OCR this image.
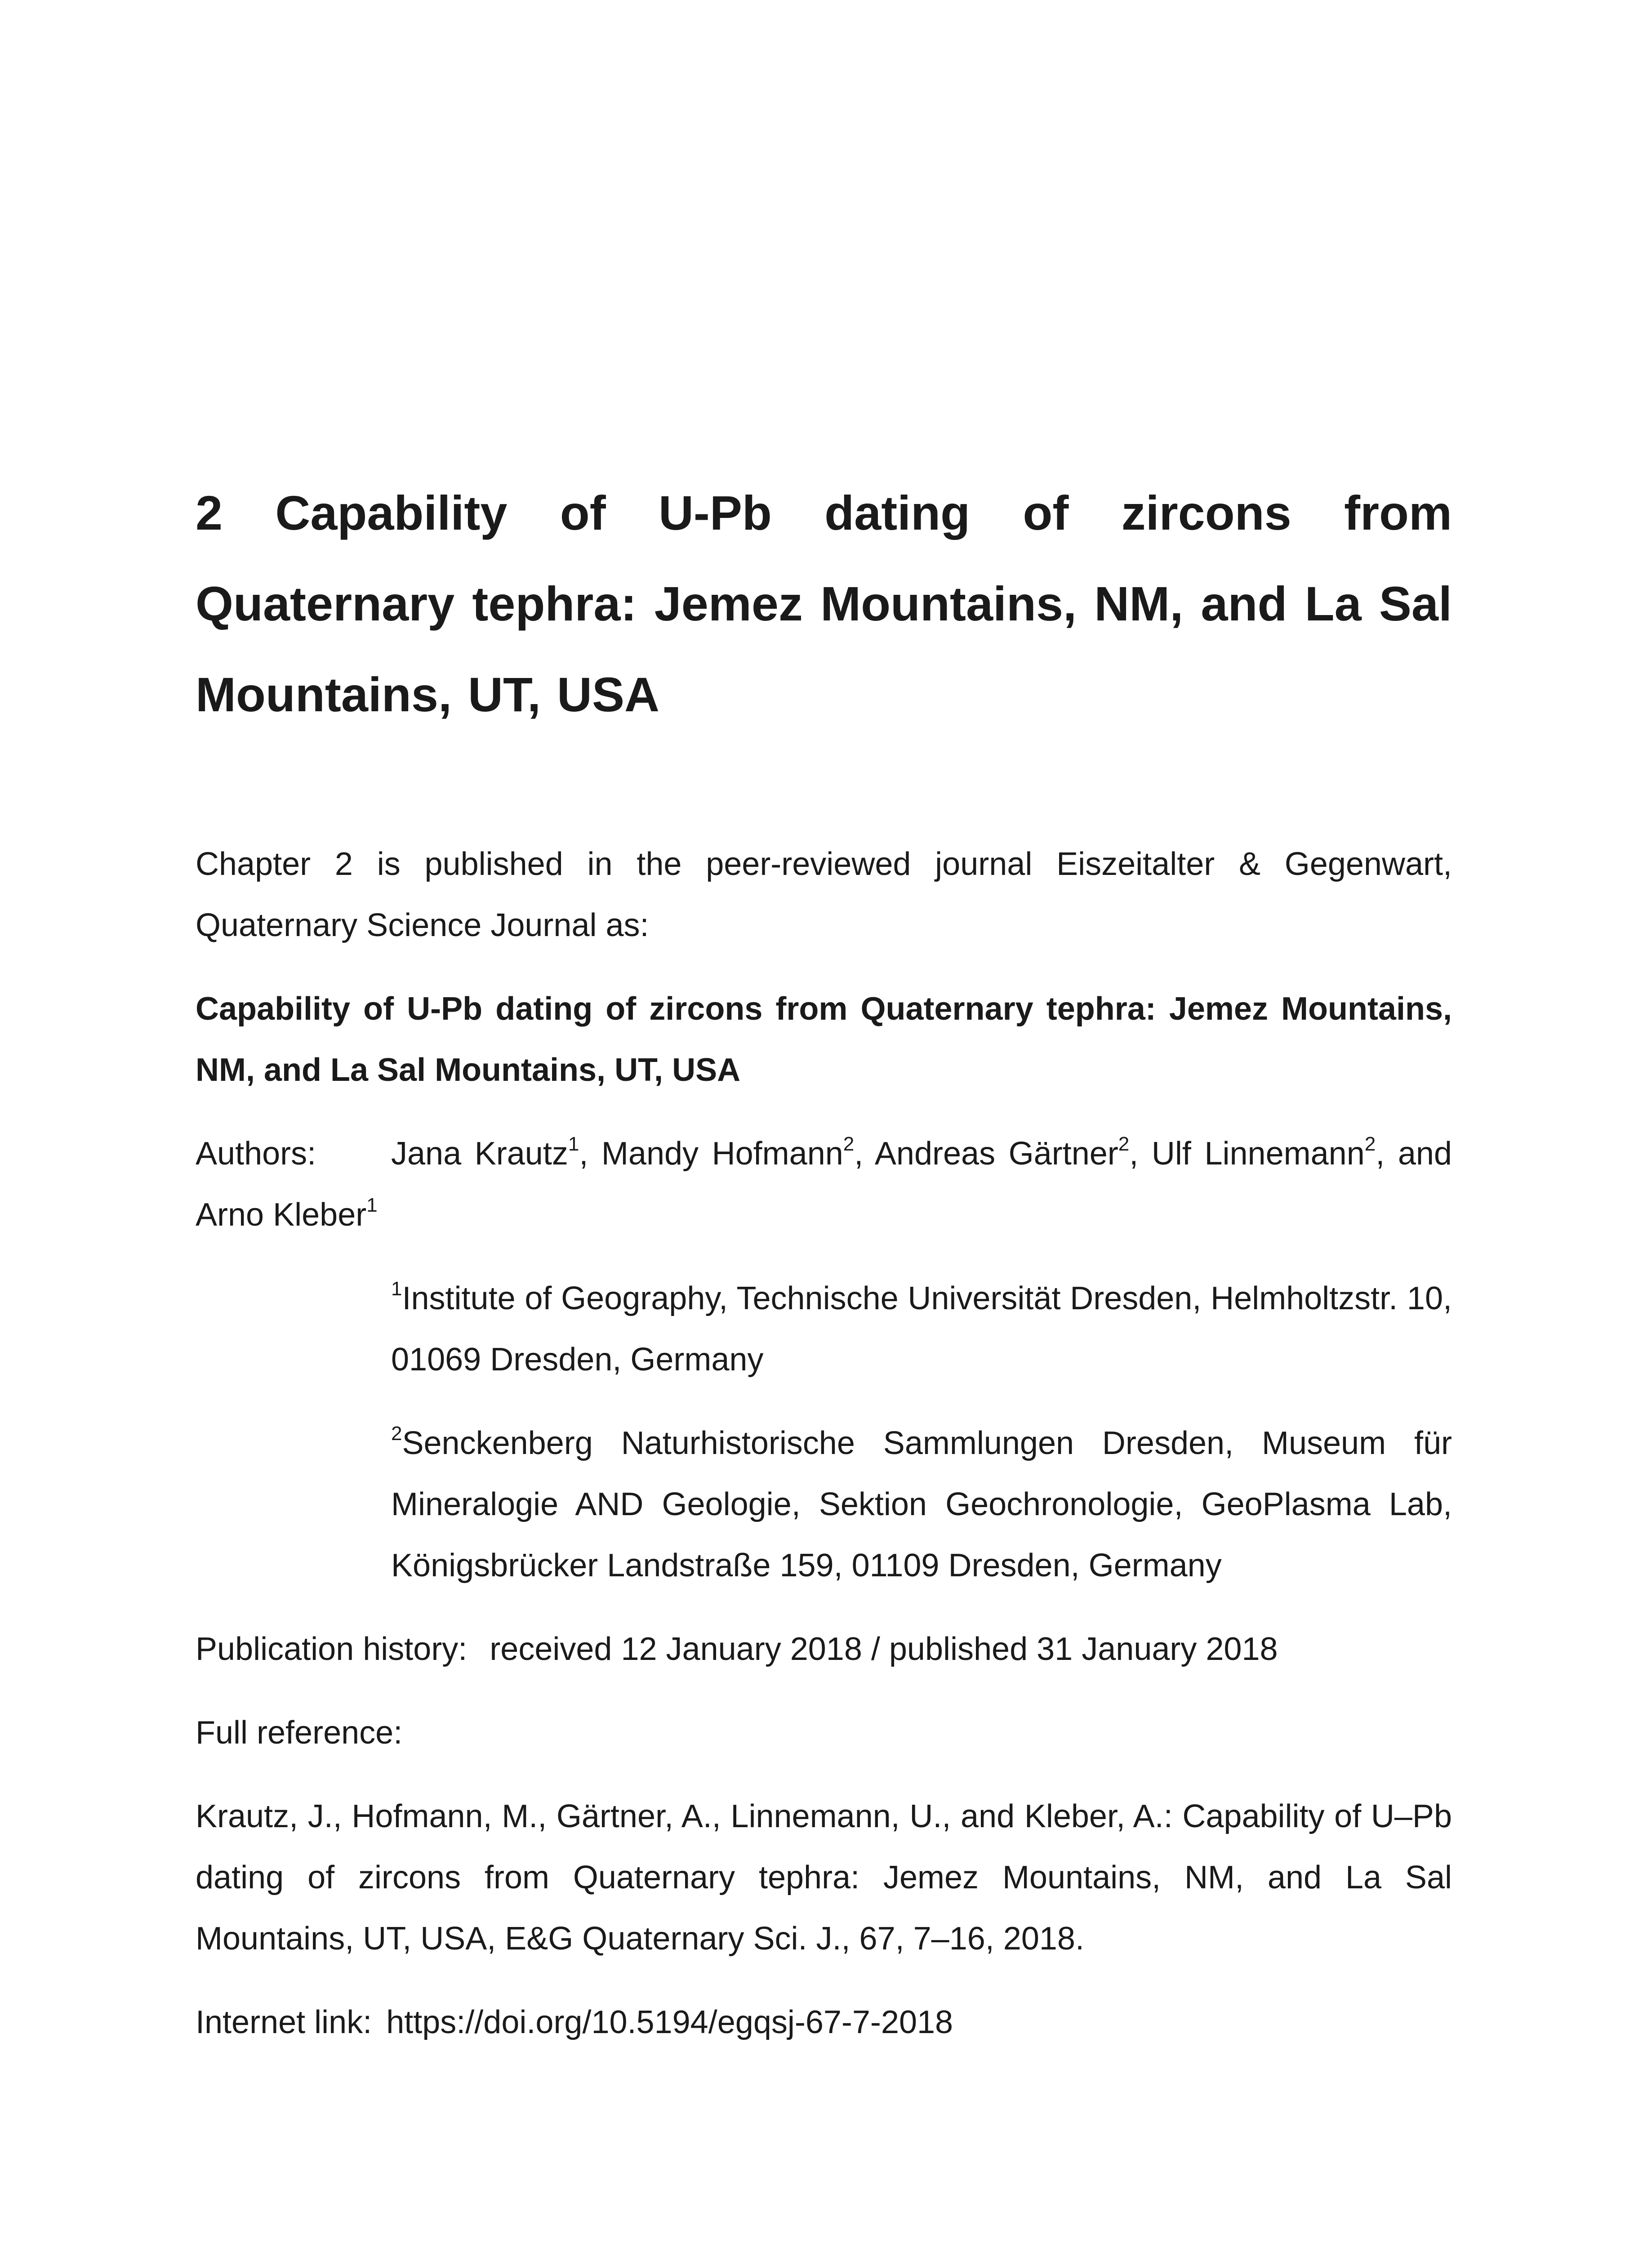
2 Capability of U-Pb dating of zircons from Quaternary tephra: Jemez Mountains, NM, and La Sal Mountains, UT, USA

Chapter 2 is published in the peer-reviewed journal Eiszeitalter & Gegenwart, Quaternary Science Journal as:

Capability of U-Pb dating of zircons from Quaternary tephra: Jemez Mountains, NM, and La Sal Mountains, UT, USA

Authors: Jana Krautz$^1$, Mandy Hofmann$^2$, Andreas Gärtner$^2$, Ulf Linnemann$^2$, and Arno Kleber$^1$

$^1$Institute of Geography, Technische Universität Dresden, Helmholtzstr. 10, 01069 Dresden, Germany

$^2$Senckenberg Naturhistorische Sammlungen Dresden, Museum für Mineralogie AND Geologie, Sektion Geochronologie, GeoPlasma Lab, Königsbrücker Landstraße 159, 01109 Dresden, Germany

Publication history: received 12 January 2018 / published 31 January 2018

Full reference:

Krautz, J., Hofmann, M., Gärtner, A., Linnemann, U., and Kleber, A.: Capability of U–Pb dating of zircons from Quaternary tephra: Jemez Mountains, NM, and La Sal Mountains, UT, USA, E&G Quaternary Sci. J., 67, 7–16, 2018.

Internet link: https://doi.org/10.5194/egqsj-67-7-2018
